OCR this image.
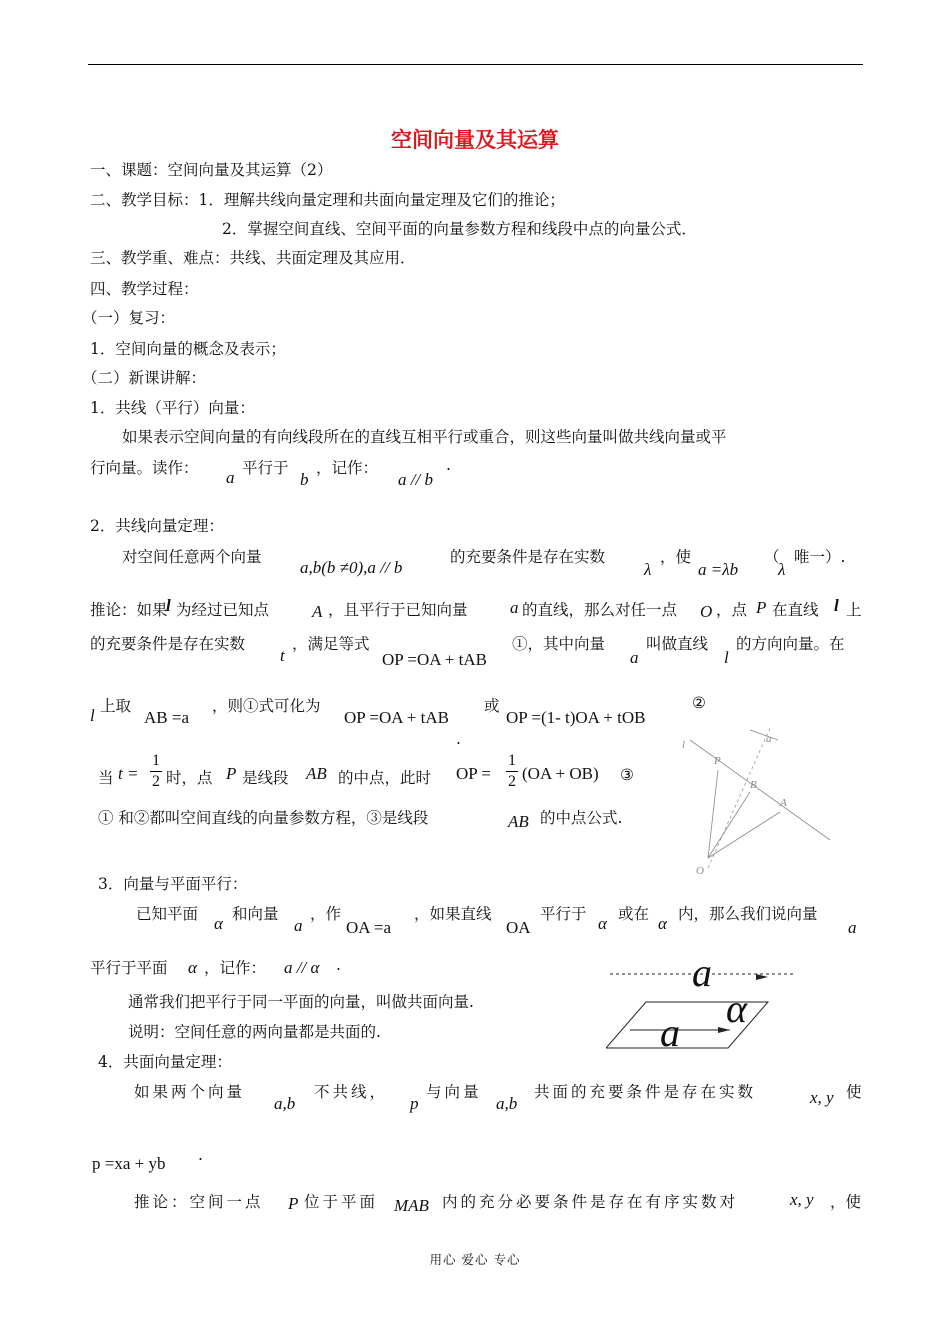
空间向量及其运算
一、课题：空间向量及其运算（2）
二、教学目标：1．理解共线向量定理和共面向量定理及它们的推论；
2．掌握空间直线、空间平面的向量参数方程和线段中点的向量公式．
三、教学重、难点：共线、共面定理及其应用．
四、教学过程：
（一）复习：
1．空间向量的概念及表示；
（二）新课讲解：
1．共线（平行）向量：
如果表示空间向量的有向线段所在的直线互相平行或重合，则这些向量叫做共线向量或平
行向量。读作： a 平行于
b
，记作：
a // b
.
2．共线向量定理：
对空间任意两个向量
a,b(b ≠0),a // b
的充要条件是存在实数
λ
，使
a =λb
（
λ
唯一）.
推论：如果
l 为经过已知点	A ，且平行于已知向量 a 的直线，那么对任一点 O ，点 P 在直线 l 上
的充要条件是存在实数
t
，满足等式
OP =OA + tAB
①，其中向量
a
叫做直线
l
的方向向量。在
l 上取
AB =a
，则①式可化为
OP =OA + tAB
或
OP =(1- t)OA + tOB
②
.
当 t =
1
2 时，点 P 是线段 AB 的中点，此时 OP =
1
2 (OA + OB) ③
① 和②都叫空间直线的向量参数方程，③是线段	AB 的中点公式.
a
l
P
B
A
O
3．向量与平面平行：
已知平面 α 和向量
a
，作
OA =a
，如果直线
OA
平行于 α 或在 α 内，那么我们说向量
a
平行于平面 α ，记作： a // α .
通常我们把平行于同一平面的向量，叫做共面向量.
说明：空间任意的两向量都是共面的.
a
α
a
4．共面向量定理：
如果两个向量
a,b
不共线，
p
与向量
a,b
共面的充要条件是存在实数	x, y 使
p =xa + yb .
推论：空间一点 P 位于平面 MAB 内的充分必要条件是存在有序实数对	x, y ，使
用心 爱心 专心
